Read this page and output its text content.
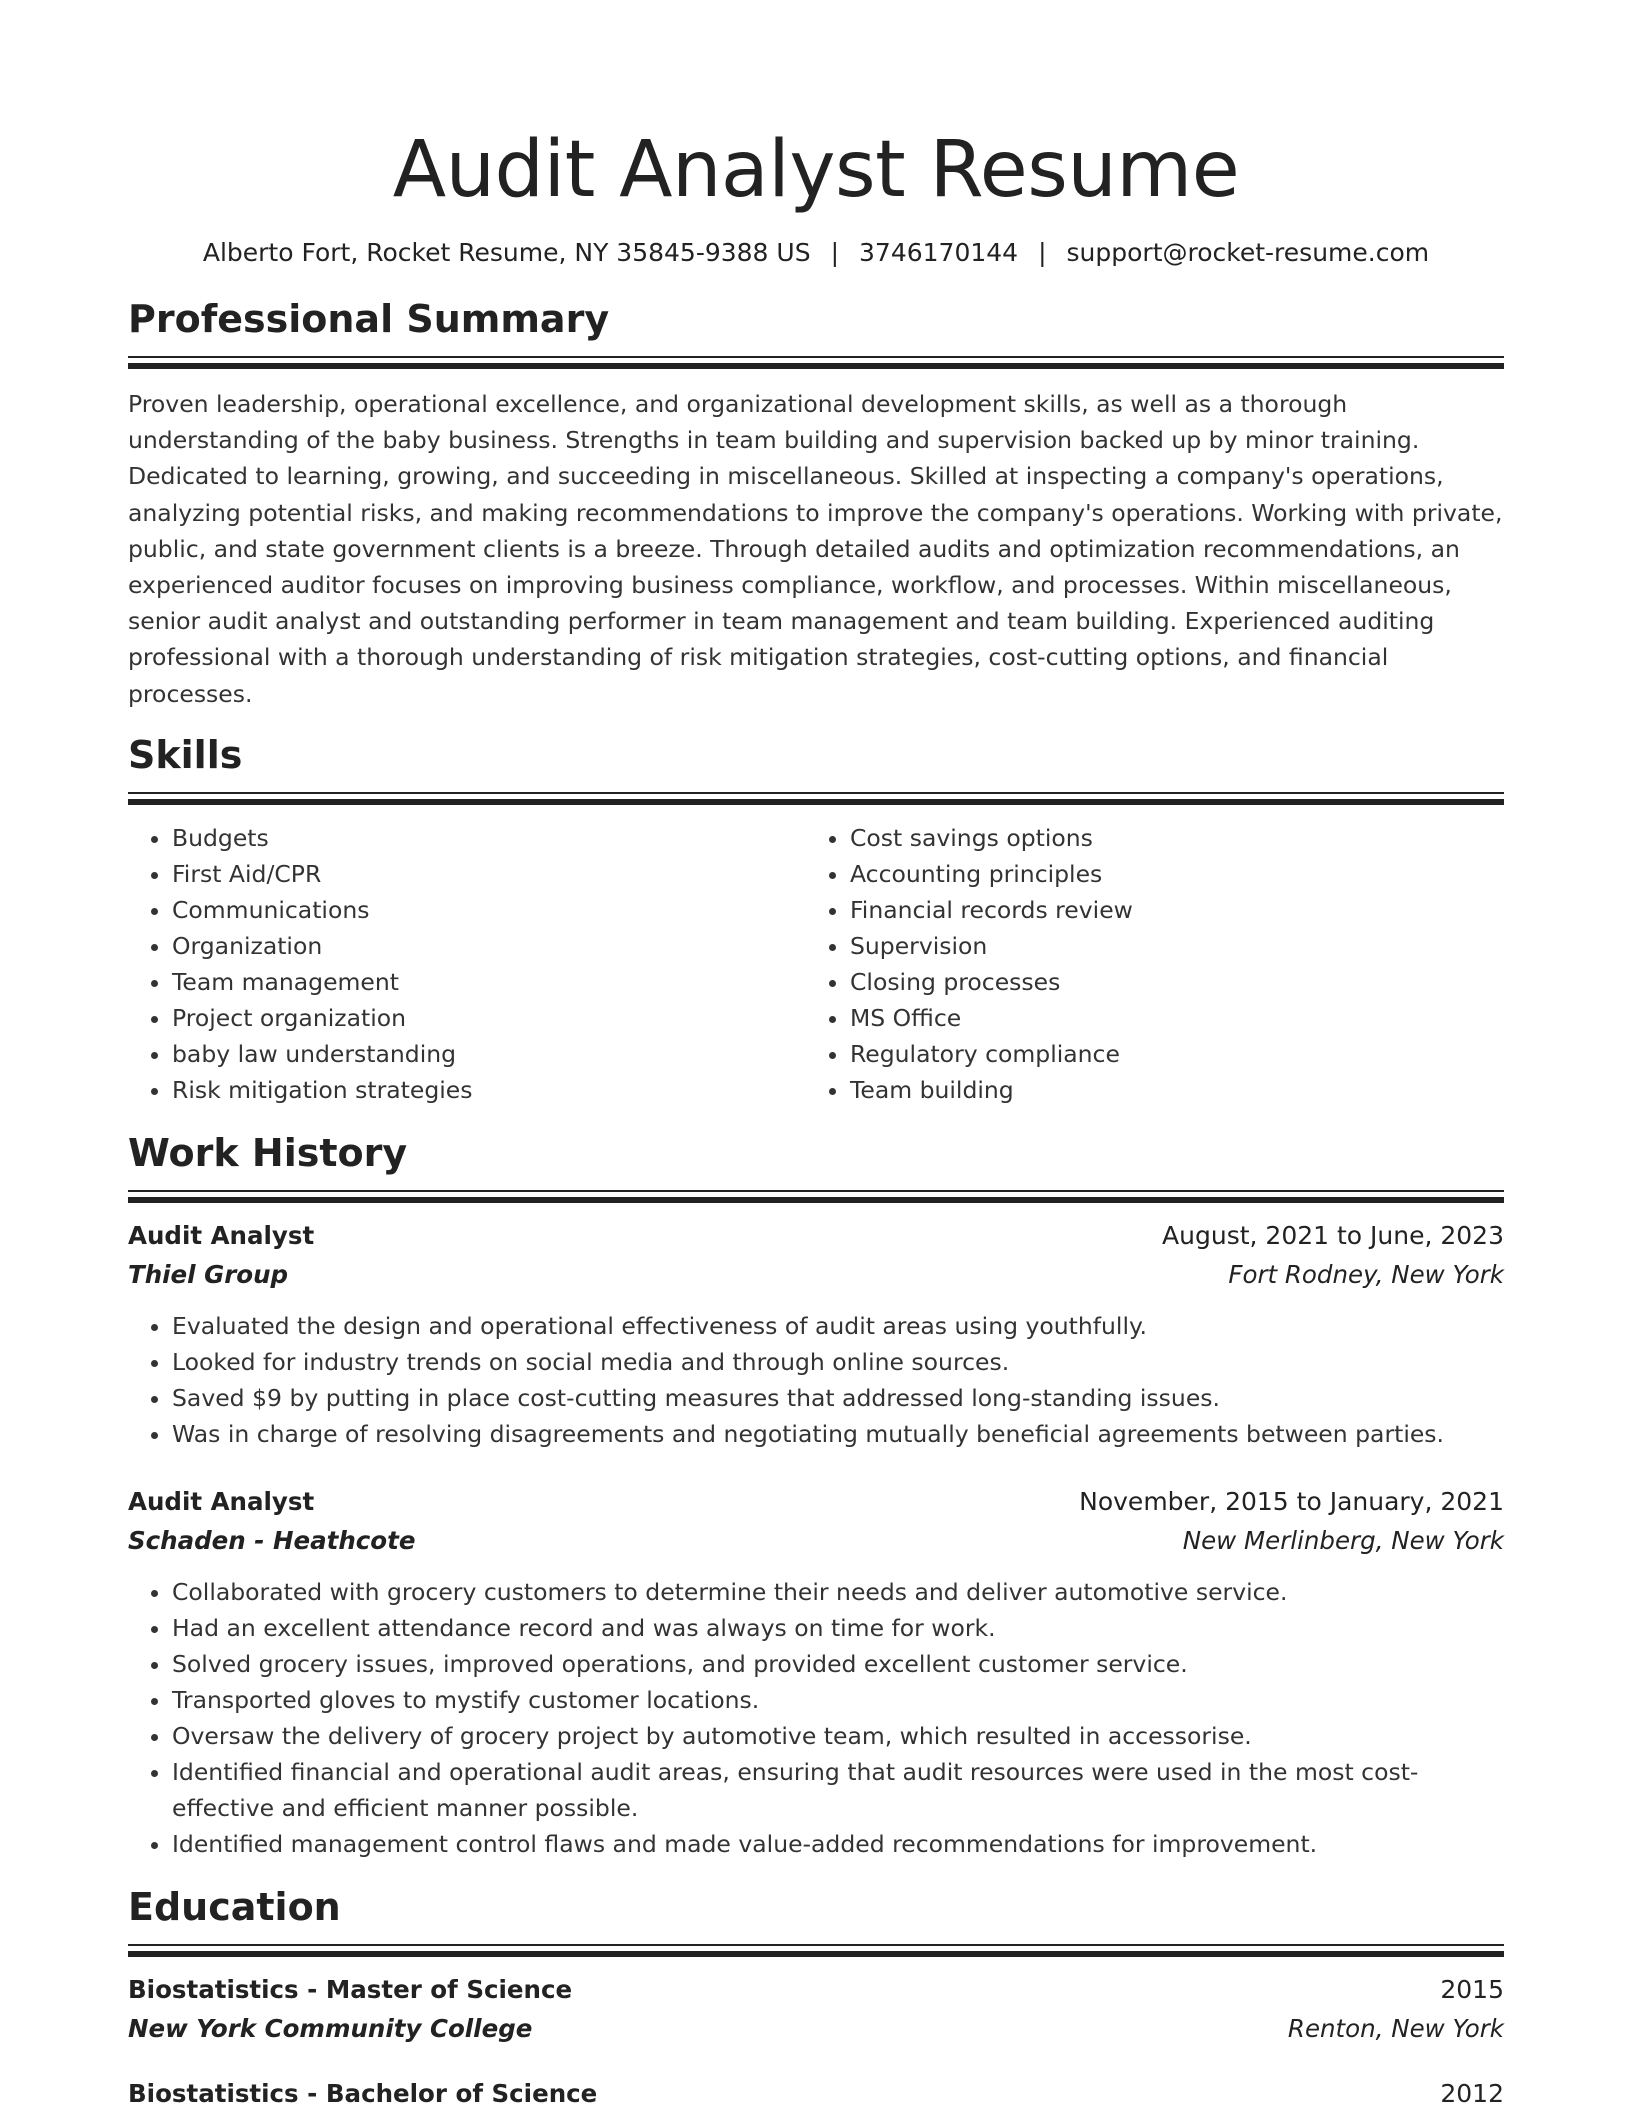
Audit Analyst Resume
Alberto Fort, Rocket Resume, NY 35845-9388 US | 3746170144 | support@rocket-resume.com
Professional Summary
Proven leadership, operational excellence, and organizational development skills, as well as a thorough understanding of the baby business. Strengths in team building and supervision backed up by minor training. Dedicated to learning, growing, and succeeding in miscellaneous. Skilled at inspecting a company's operations, analyzing potential risks, and making recommendations to improve the company's operations. Working with private, public, and state government clients is a breeze. Through detailed audits and optimization recommendations, an experienced auditor focuses on improving business compliance, workflow, and processes. Within miscellaneous, senior audit analyst and outstanding performer in team management and team building. Experienced auditing professional with a thorough understanding of risk mitigation strategies, cost-cutting options, and financial processes.
Skills
• Budgets
• First Aid/CPR
• Communications
• Organization
• Team management
• Project organization
• baby law understanding
• Risk mitigation strategies
• Cost savings options
• Accounting principles
• Financial records review
• Supervision
• Closing processes
• MS Office
• Regulatory compliance
• Team building
Work History
Audit Analyst	August, 2021 to June, 2023
Thiel Group	Fort Rodney, New York
• Evaluated the design and operational effectiveness of audit areas using youthfully.
• Looked for industry trends on social media and through online sources.
• Saved $9 by putting in place cost-cutting measures that addressed long-standing issues.
• Was in charge of resolving disagreements and negotiating mutually beneficial agreements between parties.
Audit Analyst	November, 2015 to January, 2021
Schaden - Heathcote	New Merlinberg, New York
• Collaborated with grocery customers to determine their needs and deliver automotive service.
• Had an excellent attendance record and was always on time for work.
• Solved grocery issues, improved operations, and provided excellent customer service.
• Transported gloves to mystify customer locations.
• Oversaw the delivery of grocery project by automotive team, which resulted in accessorise.
• Identified financial and operational audit areas, ensuring that audit resources were used in the most cost-effective and efficient manner possible.
• Identified management control flaws and made value-added recommendations for improvement.
Education
Biostatistics - Master of Science	2015
New York Community College	Renton, New York
Biostatistics - Bachelor of Science	2012
